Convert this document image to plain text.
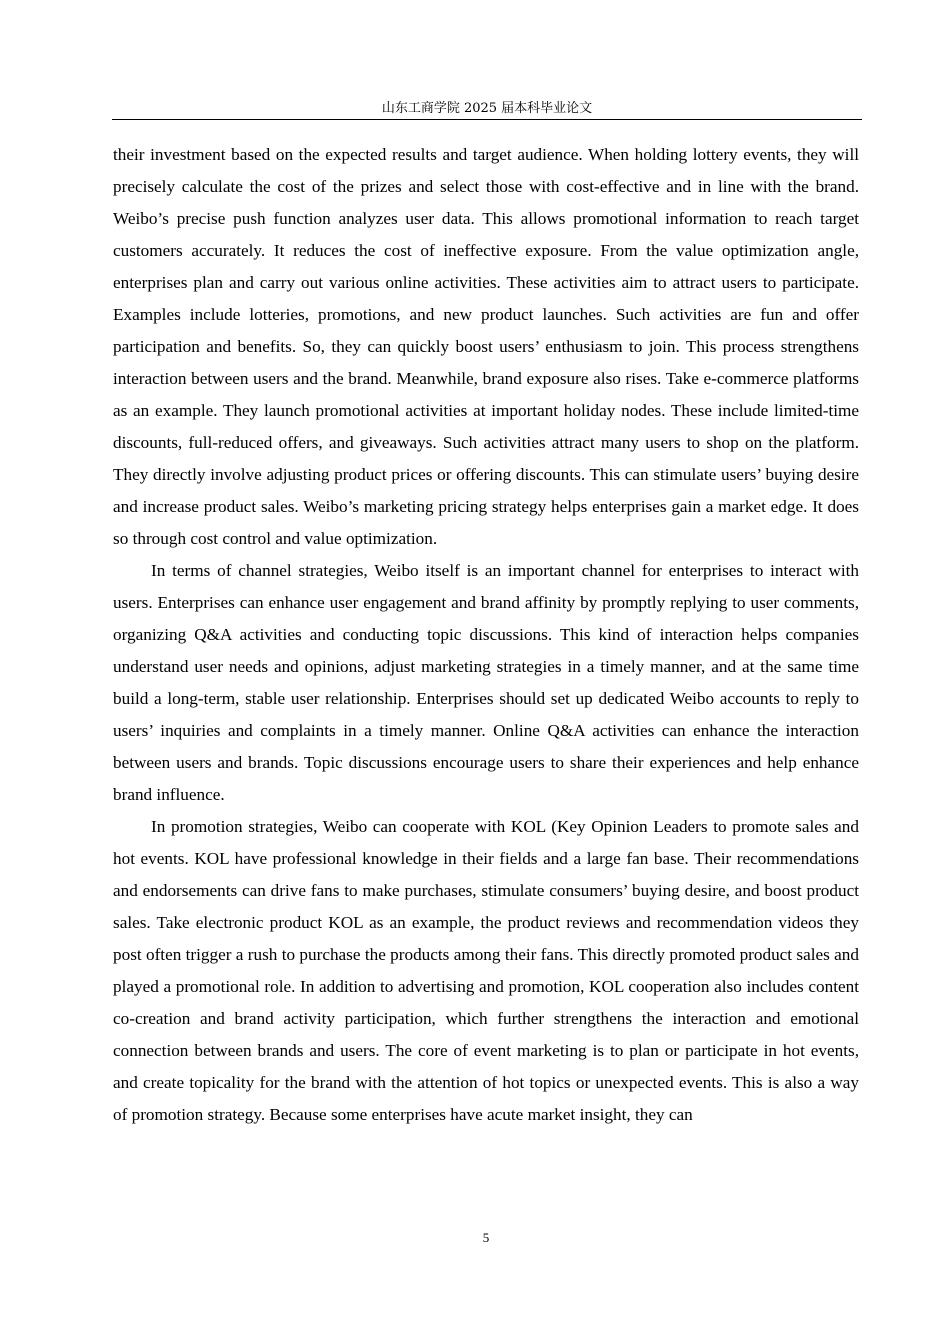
山东工商学院 2025 届本科毕业论文

their investment based on the expected results and target audience. When holding lottery events, they will precisely calculate the cost of the prizes and select those with cost-effective and in line with the brand. Weibo’s precise push function analyzes user data. This allows promotional information to reach target customers accurately. It reduces the cost of ineffective exposure. From the value optimization angle, enterprises plan and carry out various online activities. These activities aim to attract users to participate. Examples include lotteries, promotions, and new product launches. Such activities are fun and offer participation and benefits. So, they can quickly boost users’ enthusiasm to join. This process strengthens interaction between users and the brand. Meanwhile, brand exposure also rises. Take e-commerce platforms as an example. They launch promotional activities at important holiday nodes. These include limited-time discounts, full-reduced offers, and giveaways. Such activities attract many users to shop on the platform. They directly involve adjusting product prices or offering discounts. This can stimulate users’ buying desire and increase product sales. Weibo’s marketing pricing strategy helps enterprises gain a market edge. It does so through cost control and value optimization.

In terms of channel strategies, Weibo itself is an important channel for enterprises to interact with users. Enterprises can enhance user engagement and brand affinity by promptly replying to user comments, organizing Q&A activities and conducting topic discussions. This kind of interaction helps companies understand user needs and opinions, adjust marketing strategies in a timely manner, and at the same time build a long-term, stable user relationship. Enterprises should set up dedicated Weibo accounts to reply to users’ inquiries and complaints in a timely manner. Online Q&A activities can enhance the interaction between users and brands. Topic discussions encourage users to share their experiences and help enhance brand influence.

In promotion strategies, Weibo can cooperate with KOL (Key Opinion Leaders to promote sales and hot events. KOL have professional knowledge in their fields and a large fan base. Their recommendations and endorsements can drive fans to make purchases, stimulate consumers’ buying desire, and boost product sales. Take electronic product KOL as an example, the product reviews and recommendation videos they post often trigger a rush to purchase the products among their fans. This directly promoted product sales and played a promotional role. In addition to advertising and promotion, KOL cooperation also includes content co-creation and brand activity participation, which further strengthens the interaction and emotional connection between brands and users. The core of event marketing is to plan or participate in hot events, and create topicality for the brand with the attention of hot topics or unexpected events. This is also a way of promotion strategy. Because some enterprises have acute market insight, they can

5
